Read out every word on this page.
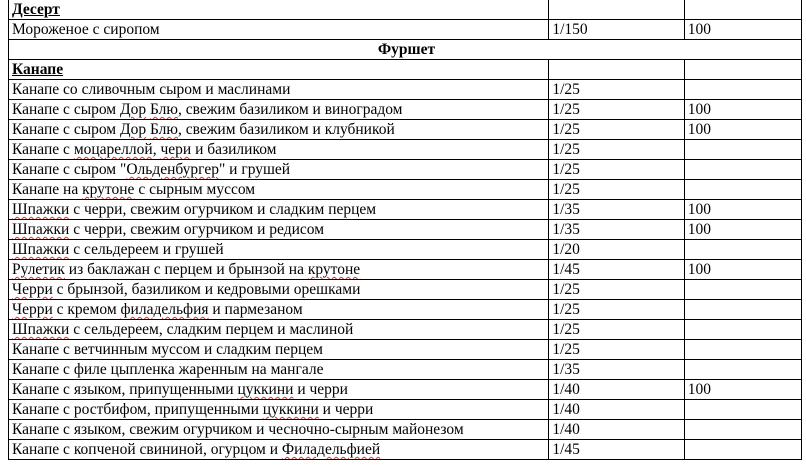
Десерт		
Мороженое с сиропом	1/150	100
Фуршет		
Канапе		
Канапе со сливочным сыром и маслинами	1/25	
Канапе с сыром Дор Блю, свежим базиликом и виноградом	1/25	100
Канапе с сыром Дор Блю, свежим базиликом и клубникой	1/25	100
Канапе с моцареллой, чери и базиликом	1/25	
Канапе с сыром "Ольденбургер" и грушей	1/25	
Канапе на крутоне с сырным муссом	1/25	
Шпажки с черри, свежим огурчиком и сладким перцем	1/35	100
Шпажки с черри, свежим огурчиком и редисом	1/35	100
Шпажки с сельдереем и грушей	1/20	
Рулетик из баклажан с перцем и брынзой на крутоне	1/45	100
Черри с брынзой, базиликом и кедровыми орешками	1/25	
Черри с кремом филадельфия и пармезаном	1/25	
Шпажки с сельдереем, сладким перцем и маслиной	1/25	
Канапе с ветчинным муссом и сладким перцем	1/25	
Канапе с филе цыпленка жаренным на мангале	1/35	
Канапе с языком, припущенными цуккини и черри	1/40	100
Канапе с ростбифом, припущенными цуккини и черри	1/40	
Канапе с языком, свежим огурчиком и чесночно-сырным майонезом	1/40	
Канапе с копченой свининой, огурцом и Филадельфией	1/45	
